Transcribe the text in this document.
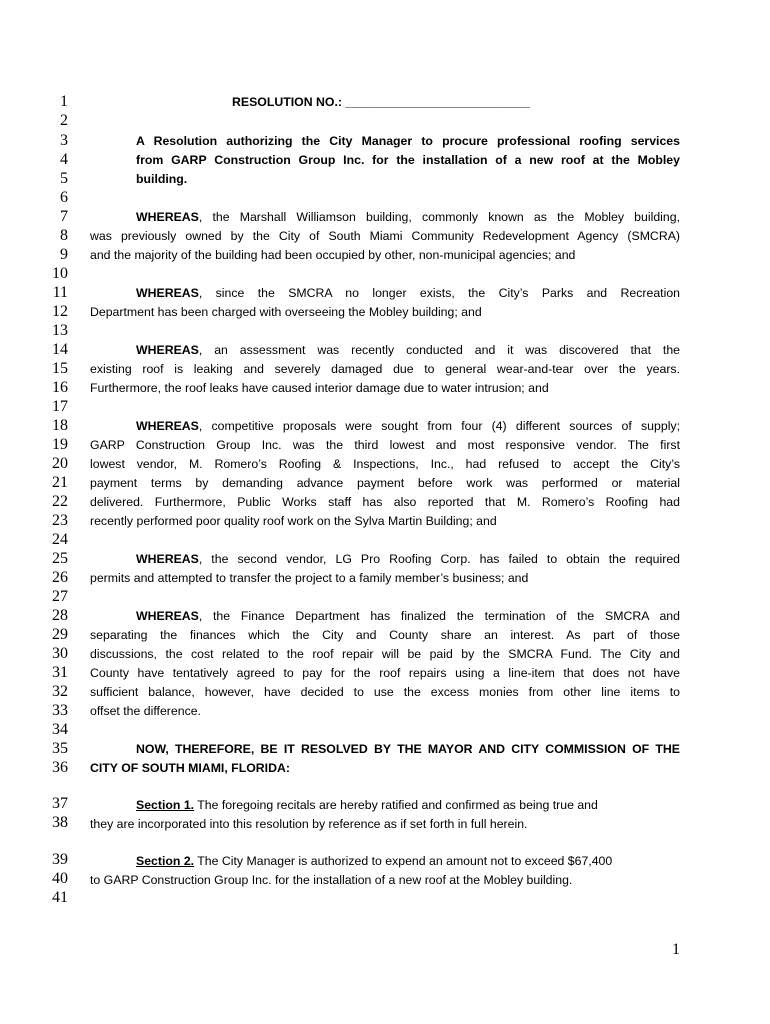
1
2
3
4
5
6
7
8
9
10
11
12
13
14
15
16
17
18
19
20
21
22
23
24
25
26
27
28
29
30
31
32
33
34
35
36
37
38
39
40
41
RESOLUTION NO.: ___________________________
A Resolution authorizing the City Manager to procure professional roofing services
from GARP Construction Group Inc. for the installation of a new roof at the Mobley
building.
WHEREAS, the Marshall Williamson building, commonly known as the Mobley building,
was previously owned by the City of South Miami Community Redevelopment Agency (SMCRA)
and the majority of the building had been occupied by other, non-municipal agencies; and
WHEREAS, since the SMCRA no longer exists, the City’s Parks and Recreation
Department has been charged with overseeing the Mobley building; and
WHEREAS, an assessment was recently conducted and it was discovered that the
existing roof is leaking and severely damaged due to general wear-and-tear over the years.
Furthermore, the roof leaks have caused interior damage due to water intrusion; and
WHEREAS, competitive proposals were sought from four (4) different sources of supply;
GARP Construction Group Inc. was the third lowest and most responsive vendor. The first
lowest vendor, M. Romero’s Roofing & Inspections, Inc., had refused to accept the City’s
payment terms by demanding advance payment before work was performed or material
delivered. Furthermore, Public Works staff has also reported that M. Romero’s Roofing had
recently performed poor quality roof work on the Sylva Martin Building; and
WHEREAS, the second vendor, LG Pro Roofing Corp. has failed to obtain the required
permits and attempted to transfer the project to a family member’s business; and
WHEREAS, the Finance Department has finalized the termination of the SMCRA and
separating the finances which the City and County share an interest. As part of those
discussions, the cost related to the roof repair will be paid by the SMCRA Fund. The City and
County have tentatively agreed to pay for the roof repairs using a line-item that does not have
sufficient balance, however, have decided to use the excess monies from other line items to
offset the difference.
NOW, THEREFORE, BE IT RESOLVED BY THE MAYOR AND CITY COMMISSION OF THE
CITY OF SOUTH MIAMI, FLORIDA:
Section 1. The foregoing recitals are hereby ratified and confirmed as being true and
they are incorporated into this resolution by reference as if set forth in full herein.
Section 2. The City Manager is authorized to expend an amount not to exceed $67,400
to GARP Construction Group Inc. for the installation of a new roof at the Mobley building.
1
